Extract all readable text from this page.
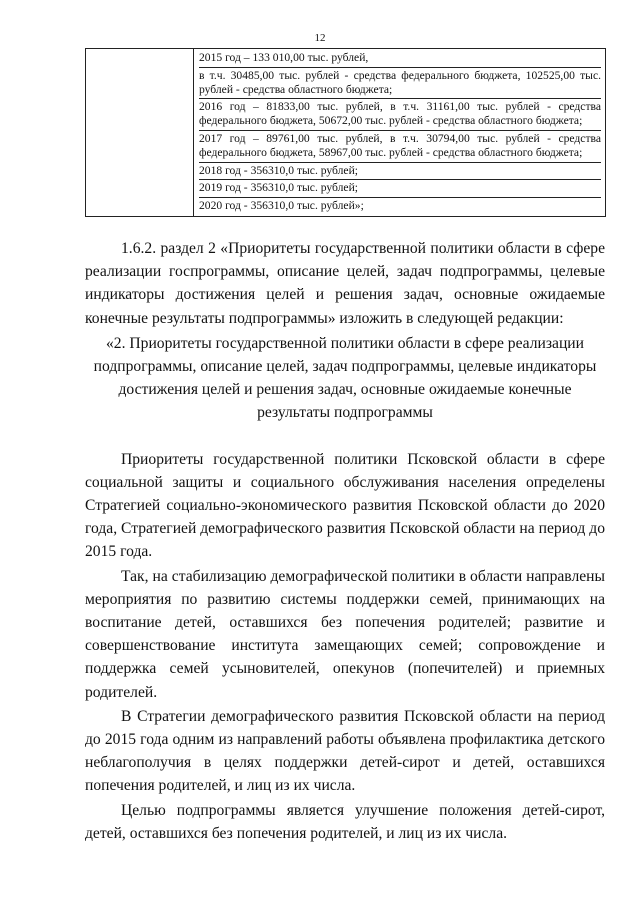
12

2015 год – 133 010,00 тыс. рублей,
в т.ч. 30485,00 тыс. рублей - средства федерального бюджета, 102525,00 тыс. рублей - средства областного бюджета;
2016 год – 81833,00 тыс. рублей, в т.ч. 31161,00 тыс. рублей - средства федерального бюджета, 50672,00 тыс. рублей - средства областного бюджета;
2017 год – 89761,00 тыс. рублей, в т.ч. 30794,00 тыс. рублей - средства федерального бюджета, 58967,00 тыс. рублей - средства областного бюджета;
2018 год - 356310,0 тыс. рублей;
2019 год - 356310,0 тыс. рублей;
2020 год - 356310,0 тыс. рублей»;

1.6.2. раздел 2 «Приоритеты государственной политики области в сфере реализации госпрограммы, описание целей, задач подпрограммы, целевые индикаторы достижения целей и решения задач, основные ожидаемые конечные результаты подпрограммы» изложить в следующей редакции:

«2. Приоритеты государственной политики области в сфере реализации подпрограммы, описание целей, задач подпрограммы, целевые индикаторы достижения целей и решения задач, основные ожидаемые конечные результаты подпрограммы

Приоритеты государственной политики Псковской области в сфере социальной защиты и социального обслуживания населения определены Стратегией социально-экономического развития Псковской области до 2020 года, Стратегией демографического развития Псковской области на период до 2015 года.

Так, на стабилизацию демографической политики в области направлены мероприятия по развитию системы поддержки семей, принимающих на воспитание детей, оставшихся без попечения родителей; развитие и совершенствование института замещающих семей; сопровождение и поддержка семей усыновителей, опекунов (попечителей) и приемных родителей.

В Стратегии демографического развития Псковской области на период до 2015 года одним из направлений работы объявлена профилактика детского неблагополучия в целях поддержки детей-сирот и детей, оставшихся попечения родителей, и лиц из их числа.

Целью подпрограммы является улучшение положения детей-сирот, детей, оставшихся без попечения родителей, и лиц из их числа.
